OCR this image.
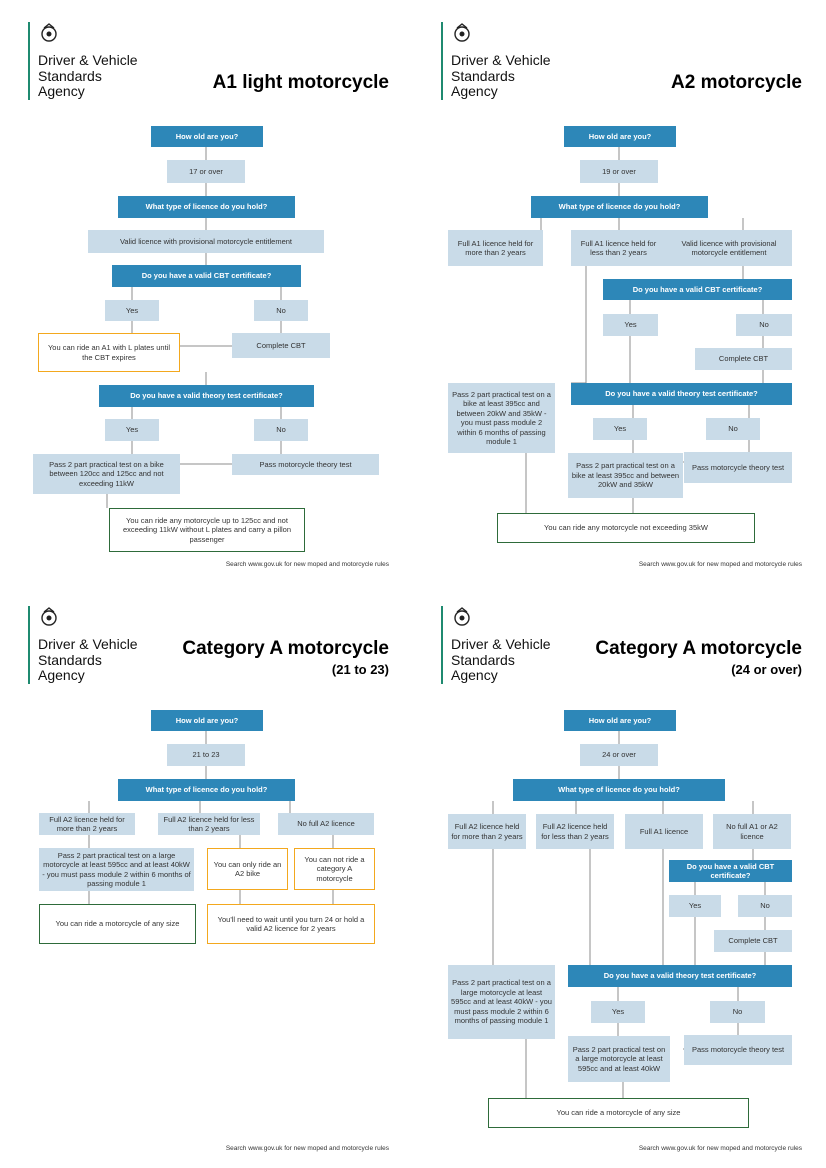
Driver & Vehicle
Standards
Agency	A1 light motorcycle
How old are you?
17 or over
What type of licence do you hold?
Valid licence with provisional motorcycle entitlement
Do you have a valid CBT certificate?
Yes	No
You can ride an A1 with L plates until the CBT expires
Complete CBT
Do you have a valid theory test certificate?
Yes	No
Pass 2 part practical test on a bike between 120cc and 125cc and not exceeding 11kW
Pass motorcycle theory test
You can ride any motorcycle up to 125cc and not exceeding 11kW without L plates and carry a pillon passenger
Search www.gov.uk for new moped and motorcycle rules
Driver & Vehicle
Standards
Agency	A2 motorcycle
How old are you?
19 or over
What type of licence do you hold?
Full A1 licence held for more than 2 years
Full A1 licence held for less than 2 years
Valid licence with provisional motorcycle entitlement
Do you have a valid CBT certificate?
Yes	No
Complete CBT
Pass 2 part practical test on a bike at least 395cc and between 20kW and 35kW - you must pass module 2 within 6 months of passing module 1
Do you have a valid theory test certificate?
Yes	No
Pass 2 part practical test on a bike at least 395cc and between 20kW and 35kW
Pass motorcycle theory test
You can ride any motorcycle not exceeding 35kW
Search www.gov.uk for new moped and motorcycle rules
Driver & Vehicle
Standards
Agency
Category A motorcycle
(21 to 23)
How old are you?
21 to 23
What type of licence do you hold?
Full A2 licence held for more than 2 years
Full A2 licence held for less than 2 years
No full A2 licence
Pass 2 part practical test on a large motorcycle at least 595cc and at least 40kW - you must pass module 2 within 6 months of passing module 1
You can only ride an A2 bike
You can not ride a category A motorcycle
You can ride a motorcycle of any size
You'll need to wait until you turn 24 or hold a valid A2 licence for 2 years
Search www.gov.uk for new moped and motorcycle rules
Driver & Vehicle
Standards
Agency
Category A motorcycle
(24 or over)
How old are you?
24 or over
What type of licence do you hold?
Full A2 licence held for more than 2 years
Full A2 licence held for less than 2 years
Full A1 licence
No full A1 or A2 licence
Do you have a valid CBT certificate?
Yes	No
Complete CBT
Pass 2 part practical test on a large motorcycle at least 595cc and at least 40kW - you must pass module 2 within 6 months of passing module 1
Do you have a valid theory test certificate?
Yes	No
Pass 2 part practical test on a large motorcycle at least 595cc and at least 40kW
Pass motorcycle theory test
You can ride a motorcycle of any size
Search www.gov.uk for new moped and motorcycle rules
